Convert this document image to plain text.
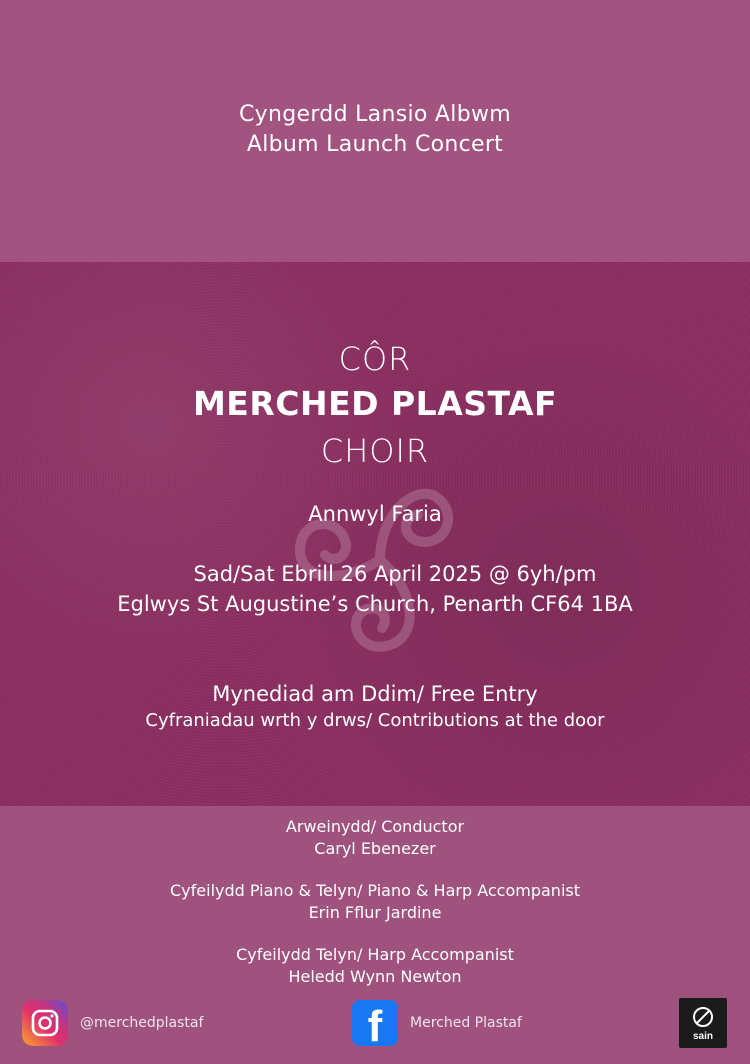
Cyngerdd Lansio Albwm
Album Launch Concert
CÔR
MERCHED PLASTAF
CHOIR
Annwyl Faria
Sad/Sat Ebrill 26 April 2025 @ 6yh/pm
Eglwys St Augustine’s Church, Penarth CF64 1BA
Mynediad am Ddim/ Free Entry
Cyfraniadau wrth y drws/ Contributions at the door
Arweinydd/ Conductor
Caryl Ebenezer
Cyfeilydd Piano & Telyn/ Piano & Harp Accompanist
Erin Fflur Jardine
Cyfeilydd Telyn/ Harp Accompanist
Heledd Wynn Newton
@merchedplastaf	f Merched Plastaf
sain
